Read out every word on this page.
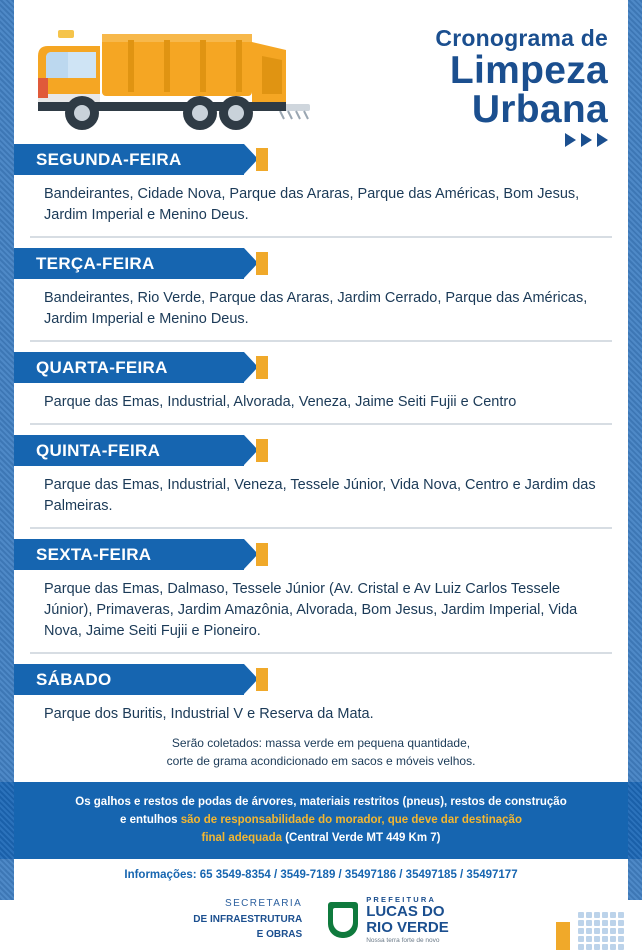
Cronograma de
Limpeza
Urbana
SEGUNDA-FEIRA
Bandeirantes, Cidade Nova, Parque das Araras, Parque das Américas, Bom Jesus, Jardim Imperial e Menino Deus.
TERÇA-FEIRA
Bandeirantes, Rio Verde, Parque das Araras, Jardim Cerrado, Parque das Américas, Jardim Imperial e Menino Deus.
QUARTA-FEIRA
Parque das Emas, Industrial, Alvorada, Veneza, Jaime Seiti Fujii e Centro
QUINTA-FEIRA
Parque das Emas, Industrial, Veneza, Tessele Júnior, Vida Nova, Centro e Jardim das Palmeiras.
SEXTA-FEIRA
Parque das Emas, Dalmaso, Tessele Júnior (Av. Cristal e Av Luiz Carlos Tessele Júnior), Primaveras, Jardim Amazônia, Alvorada, Bom Jesus, Jardim Imperial, Vida Nova, Jaime Seiti Fujii e Pioneiro.
SÁBADO
Parque dos Buritis, Industrial V e Reserva da Mata.
Serão coletados: massa verde em pequena quantidade,
corte de grama acondicionado em sacos e móveis velhos.
Os galhos e restos de podas de árvores, materiais restritos (pneus), restos de construção
e entulhos são de responsabilidade do morador, que deve dar destinação
final adequada (Central Verde MT 449 Km 7)
Informações: 65 3549-8354 / 3549-7189 / 35497186 / 35497185 / 35497177
SECRETARIA
DE INFRAESTRUTURA
E OBRAS
PREFEITURA
LUCAS DO
RIO VERDE
Nossa terra forte de novo
